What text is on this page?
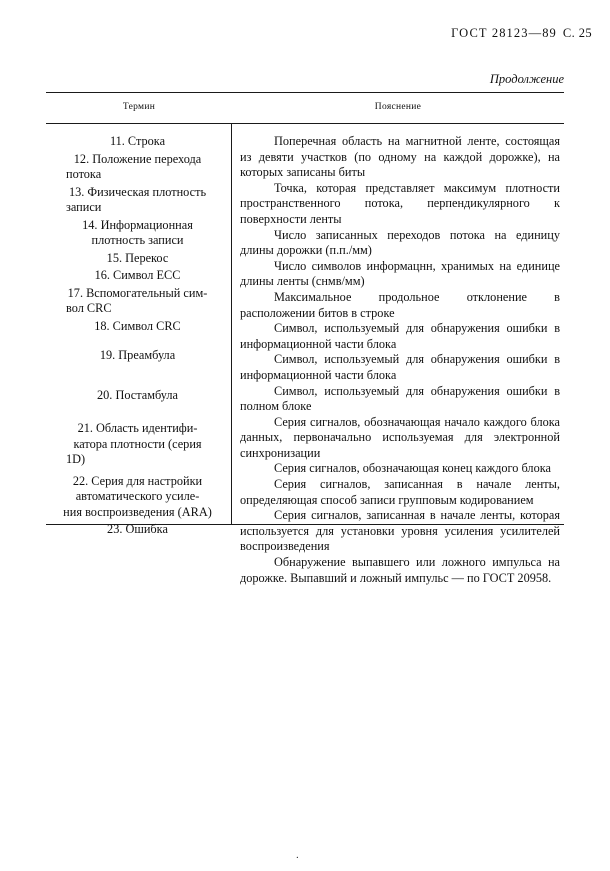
ГОСТ 28123—89 С. 25
Продолжение
Термин	Пояснение

11. Строка

12. Положение перехода

потока

13. Физическая плотность

записи

14. Информационная

плотность записи

15. Перекос

16. Символ ЕСС

17. Вспомогательный сим-

вол CRC

18. Символ CRC

19. Преамбула

20. Постамбула

21. Область идентифи-

катора плотности (серия

1D)

22. Серия для настройки

автоматического усиле-

ния воспроизведения (ARA)

23. Ошибка

Поперечная область на магнитной ленте, состоящая из девяти участков (по одному на каждой дорожке), на которых записаны биты

Точка, которая представляет максимум плотности пространственного потока, перпендикулярного к поверхности ленты

Число записанных переходов потока на единицу длины дорожки (п.п./мм)

Число символов информацнн, хранимых на единице длины ленты (снмв/мм)

Максимальное продольное отклонение в расположении битов в строке

Символ, используемый для обнаружения ошибки в информационной части блока

Символ, используемый для обнаружения ошибки в информационной части блока

Символ, используемый для обнаружения ошибки в полном блоке

Серия сигналов, обозначающая начало каждого блока данных, первоначально используемая для электронной синхронизации

Серия сигналов, обозначающая конец каждого блока

Серия сигналов, записанная в начале ленты, определяющая способ записи групповым кодированием

Серия сигналов, записанная в начале ленты, которая используется для установки уровня усиления усилителей воспроизведения

Обнаружение выпавшего или ложного импульса на дорожке. Выпавший и ложный импульс — по ГОСТ 20958.

.
